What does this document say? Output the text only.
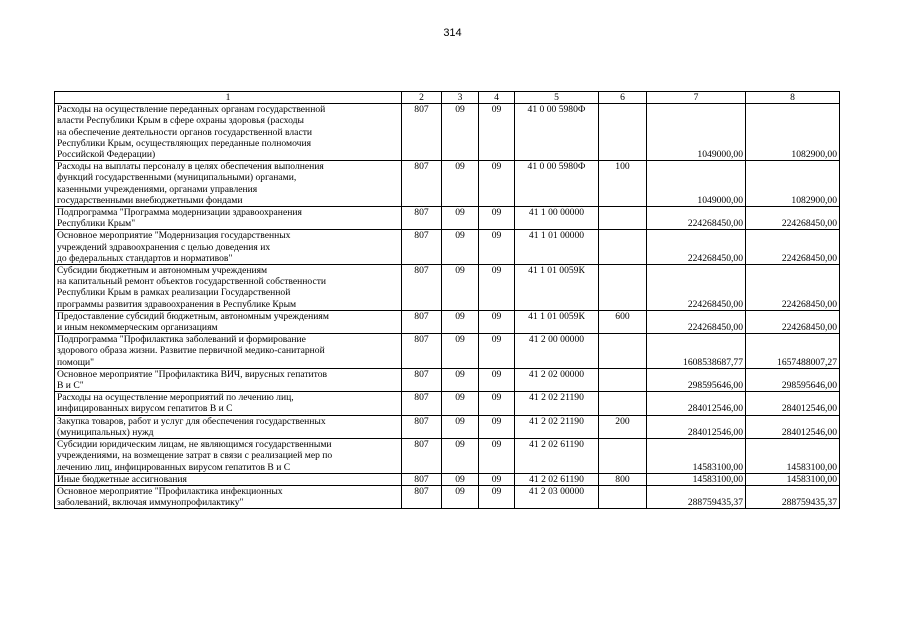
314
1	2	3	4	5	6	7	8

Расходы на осуществление переданных органам государственной
власти Республики Крым в сфере охраны здоровья (расходы
на обеспечение деятельности органов государственной власти
Республики Крым, осуществляющих переданные полномочия
Российской Федерации)	807	09	09	41 0 00 5980Ф		1049000,00	1082900,00

Расходы на выплаты персоналу в целях обеспечения выполнения
функций государственными (муниципальными) органами,
казенными учреждениями, органами управления
государственными внебюджетными фондами	807	09	09	41 0 00 5980Ф	100	1049000,00	1082900,00

Подпрограмма "Программа модернизации здравоохранения
Республики Крым"	807	09	09	41 1 00 00000		224268450,00	224268450,00

Основное мероприятие "Модернизация государственных
учреждений здравоохранения с целью доведения их
до федеральных стандартов и нормативов"	807	09	09	41 1 01 00000		224268450,00	224268450,00

Субсидии бюджетным и автономным учреждениям
на капитальный ремонт объектов государственной собственности
Республики Крым в рамках реализации Государственной
программы развития здравоохранения в Республике Крым	807	09	09	41 1 01 0059К		224268450,00	224268450,00

Предоставление субсидий бюджетным, автономным учреждениям
и иным некоммерческим организациям	807	09	09	41 1 01 0059К	600	224268450,00	224268450,00

Подпрограмма "Профилактика заболеваний и формирование
здорового образа жизни. Развитие первичной медико-санитарной
помощи"	807	09	09	41 2 00 00000		1608538687,77	1657488007,27

Основное мероприятие "Профилактика ВИЧ, вирусных гепатитов
В и С"	807	09	09	41 2 02 00000		298595646,00	298595646,00

Расходы на осуществление мероприятий по лечению лиц,
инфицированных вирусом гепатитов В и С	807	09	09	41 2 02 21190		284012546,00	284012546,00

Закупка товаров, работ и услуг для обеспечения государственных
(муниципальных) нужд	807	09	09	41 2 02 21190	200	284012546,00	284012546,00

Субсидии юридическим лицам, не являющимся государственными
учреждениями, на возмещение затрат в связи с реализацией мер по
лечению лиц, инфицированных вирусом гепатитов В и С	807	09	09	41 2 02 61190		14583100,00	14583100,00

Иные бюджетные ассигнования	807	09	09	41 2 02 61190	800	14583100,00	14583100,00

Основное мероприятие "Профилактика инфекционных
заболеваний, включая иммунопрофилактику"	807	09	09	41 2 03 00000		288759435,37	288759435,37
